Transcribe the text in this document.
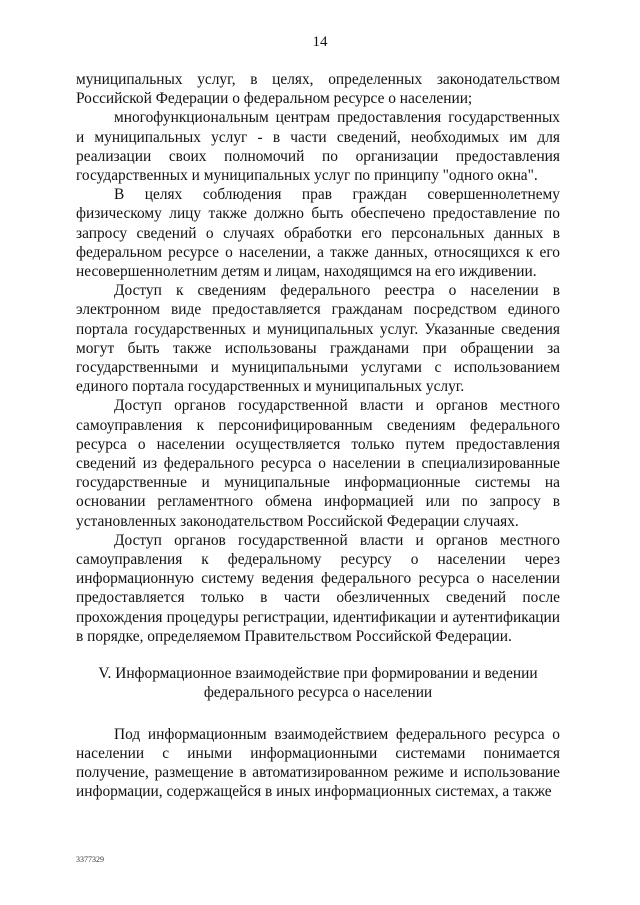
14

муниципальных услуг, в целях, определенных законодательством Российской Федерации о федеральном ресурсе о населении;

многофункциональным центрам предоставления государственных и муниципальных услуг - в части сведений, необходимых им для реализации своих полномочий по организации предоставления государственных и муниципальных услуг по принципу "одного окна".

В целях соблюдения прав граждан совершеннолетнему физическому лицу также должно быть обеспечено предоставление по запросу сведений о случаях обработки его персональных данных в федеральном ресурсе о населении, а также данных, относящихся к его несовершеннолетним детям и лицам, находящимся на его иждивении.

Доступ к сведениям федерального реестра о населении в электронном виде предоставляется гражданам посредством единого портала государственных и муниципальных услуг. Указанные сведения могут быть также использованы гражданами при обращении за государственными и муниципальными услугами с использованием единого портала государственных и муниципальных услуг.

Доступ органов государственной власти и органов местного самоуправления к персонифицированным сведениям федерального ресурса о населении осуществляется только путем предоставления сведений из федерального ресурса о населении в специализированные государственные и муниципальные информационные системы на основании регламентного обмена информацией или по запросу в установленных законодательством Российской Федерации случаях.

Доступ органов государственной власти и органов местного самоуправления к федеральному ресурсу о населении через информационную систему ведения федерального ресурса о населении предоставляется только в части обезличенных сведений после прохождения процедуры регистрации, идентификации и аутентификации в порядке, определяемом Правительством Российской Федерации.

V. Информационное взаимодействие при формировании и ведении
федерального ресурса о населении

Под информационным взаимодействием федерального ресурса о населении с иными информационными системами понимается получение, размещение в автоматизированном режиме и использование информации, содержащейся в иных информационных системах, а также

3377329
